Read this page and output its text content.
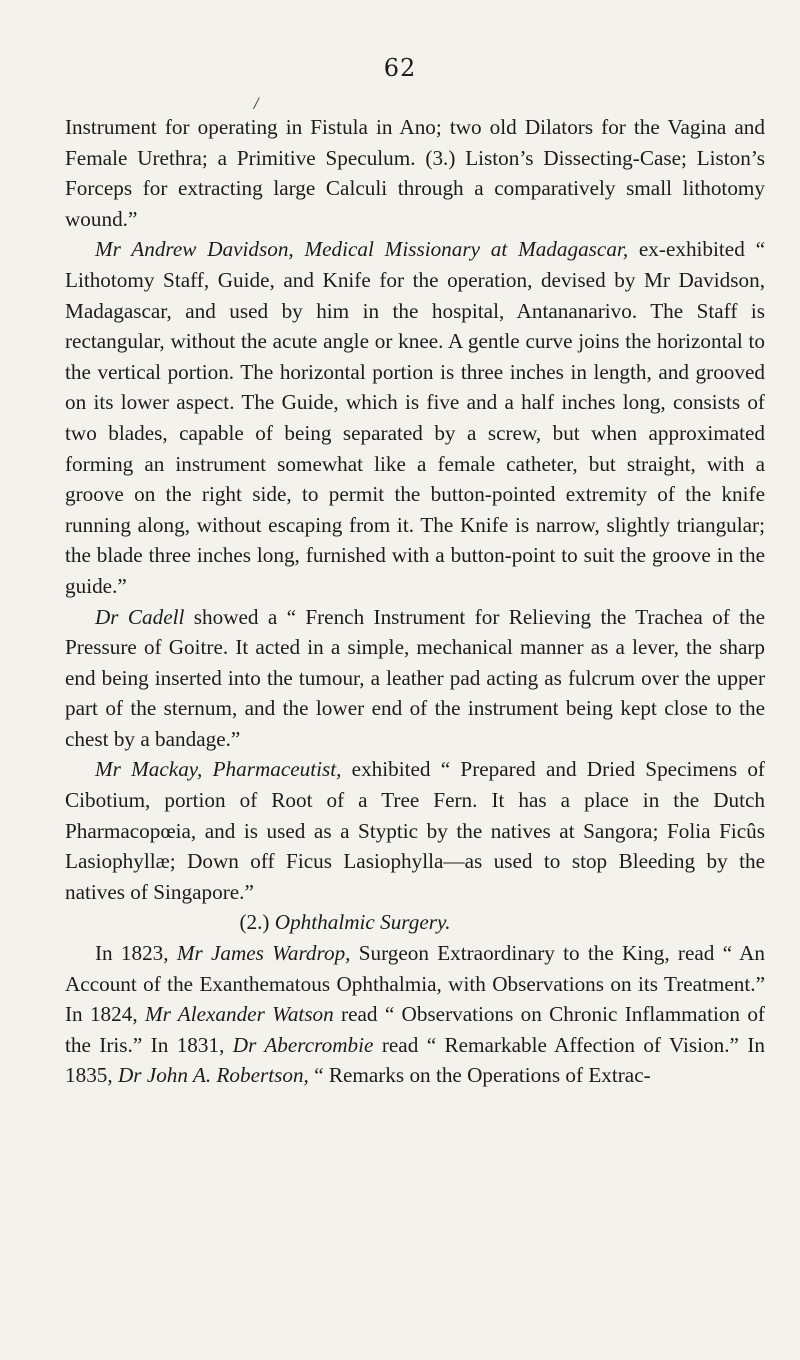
62
/

Instrument for operating in Fistula in Ano; two old Dilators for the Vagina and Female Urethra; a Primitive Speculum. (3.) Liston’s Dissecting-Case; Liston’s Forceps for extracting large Calculi through a comparatively small lithotomy wound.”

Mr Andrew Davidson, Medical Missionary at Madagascar, ex-exhibited “ Lithotomy Staff, Guide, and Knife for the operation, devised by Mr Davidson, Madagascar, and used by him in the hospital, Antananarivo. The Staff is rectangular, without the acute angle or knee. A gentle curve joins the horizontal to the vertical portion. The horizontal portion is three inches in length, and grooved on its lower aspect. The Guide, which is five and a half inches long, consists of two blades, capable of being separated by a screw, but when approximated forming an instrument somewhat like a female catheter, but straight, with a groove on the right side, to permit the button-pointed extremity of the knife running along, without escaping from it. The Knife is narrow, slightly triangular; the blade three inches long, furnished with a button-point to suit the groove in the guide.”

Dr Cadell showed a “ French Instrument for Relieving the Trachea of the Pressure of Goitre. It acted in a simple, mechanical manner as a lever, the sharp end being inserted into the tumour, a leather pad acting as fulcrum over the upper part of the sternum, and the lower end of the instrument being kept close to the chest by a bandage.”

Mr Mackay, Pharmaceutist, exhibited “ Prepared and Dried Specimens of Cibotium, portion of Root of a Tree Fern. It has a place in the Dutch Pharmacopœia, and is used as a Styptic by the natives at Sangora; Folia Ficûs Lasiophyllæ; Down off Ficus Lasiophylla—as used to stop Bleeding by the natives of Singapore.”

(2.) Ophthalmic Surgery.

In 1823, Mr James Wardrop, Surgeon Extraordinary to the King, read “ An Account of the Exanthematous Ophthalmia, with Observations on its Treatment.” In 1824, Mr Alexander Watson read “ Observations on Chronic Inflammation of the Iris.” In 1831, Dr Abercrombie read “ Remarkable Affection of Vision.” In 1835, Dr John A. Robertson, “ Remarks on the Operations of Extrac-
